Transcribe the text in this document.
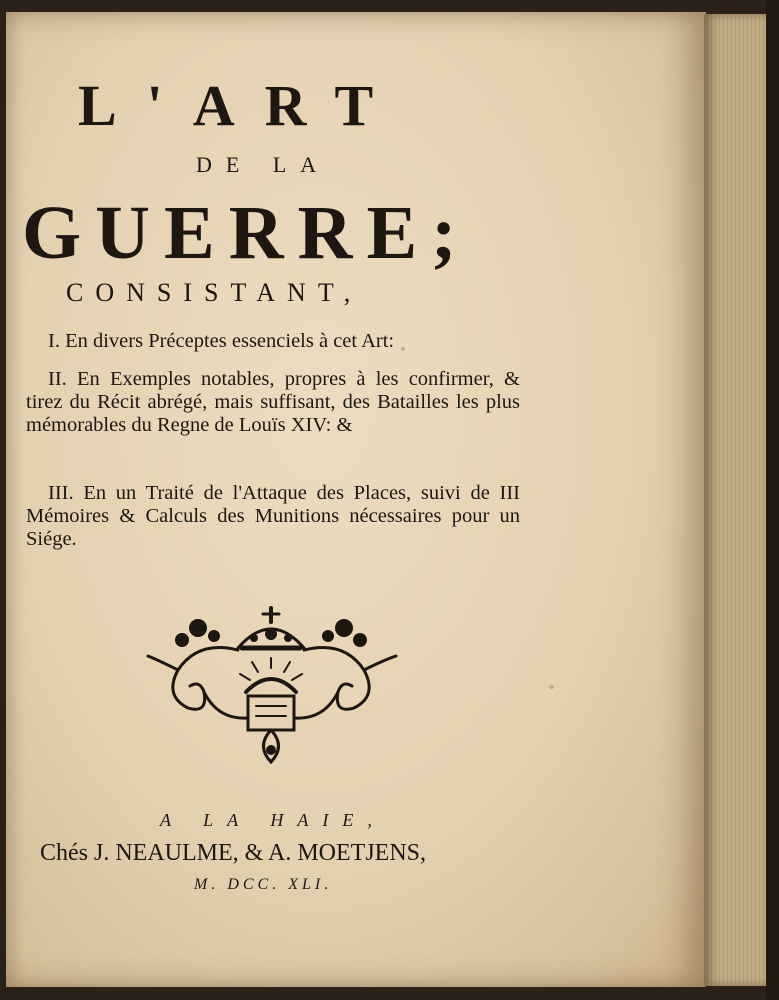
L'ART
DE LA
GUERRE;
CONSISTANT,
I. En divers Préceptes essenciels à cet Art:
II. En Exemples notables, propres à les confirmer, & tirez du Récit abrégé, mais suffisant, des Batailles les plus mémorables du Regne de Louïs XIV: &
III. En un Traité de l'Attaque des Places, suivi de III Mémoires & Calculs des Munitions nécessaires pour un Siége.
A LA HAIE,
Chés J. NEAULME, & A. MOETJENS,
M. DCC. XLI.
